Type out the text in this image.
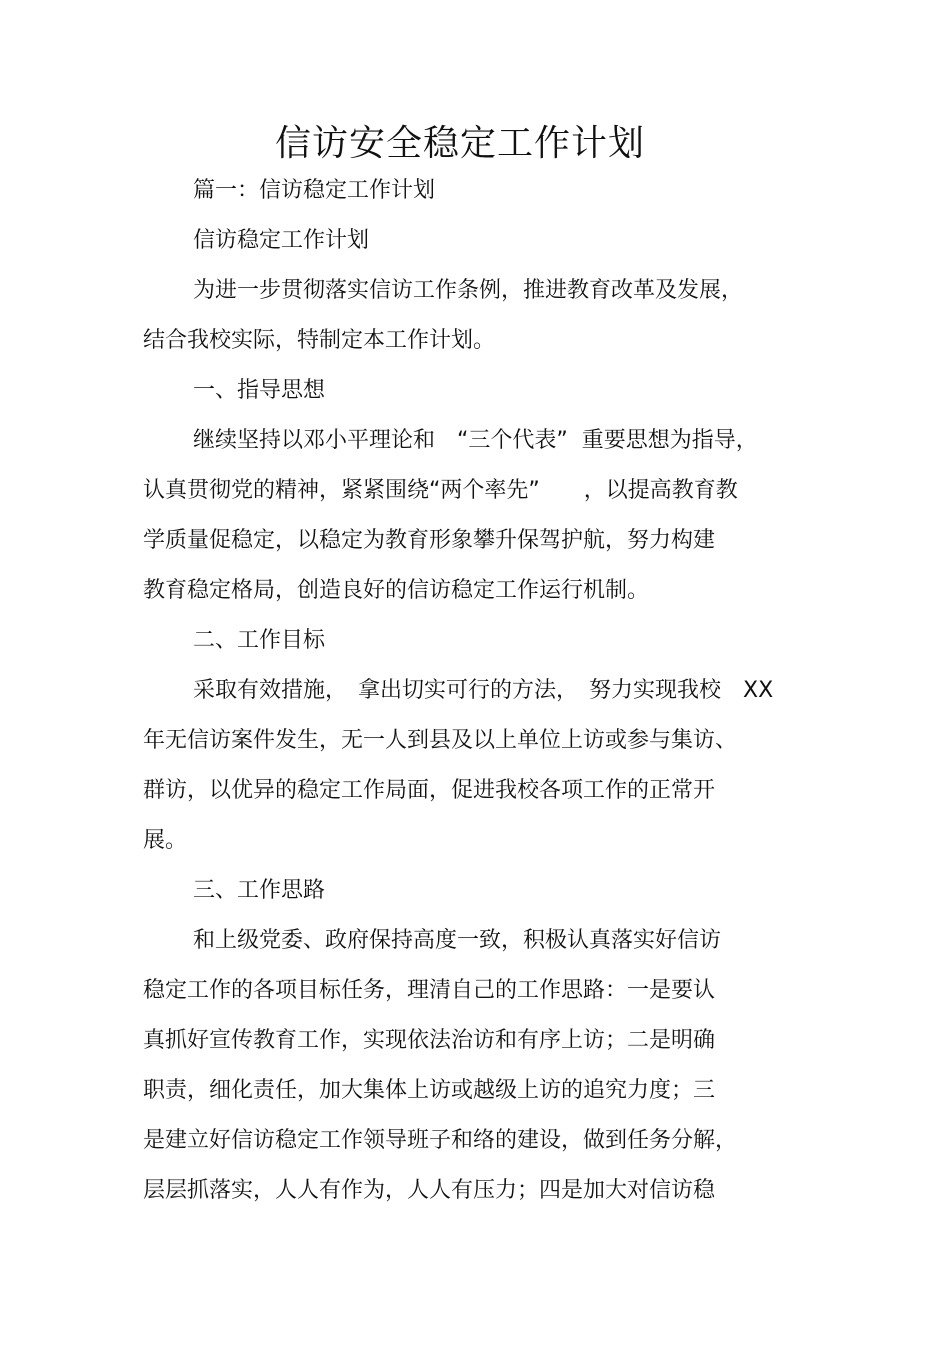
信访安全稳定工作计划
篇一：信访稳定工作计划
信访稳定工作计划
为进一步贯彻落实信访工作条例，推进教育改革及发展，
结合我校实际，特制定本工作计划。
一、指导思想
继续坚持以邓小平理论和　“三个代表”  重要思想为指导，
认真贯彻党的精神，紧紧围绕“两个率先”　　，以提高教育教
学质量促稳定，以稳定为教育形象攀升保驾护航，努力构建
教育稳定格局，创造良好的信访稳定工作运行机制。
二、工作目标
采取有效措施，　拿出切实可行的方法，　努力实现我校　XX
年无信访案件发生，无一人到县及以上单位上访或参与集访、
群访，以优异的稳定工作局面，促进我校各项工作的正常开
展。
三、工作思路
和上级党委、政府保持高度一致，积极认真落实好信访
稳定工作的各项目标任务，理清自己的工作思路：一是要认
真抓好宣传教育工作，实现依法治访和有序上访；二是明确
职责，细化责任，加大集体上访或越级上访的追究力度；三
是建立好信访稳定工作领导班子和络的建设，做到任务分解，
层层抓落实，人人有作为，人人有压力；四是加大对信访稳
